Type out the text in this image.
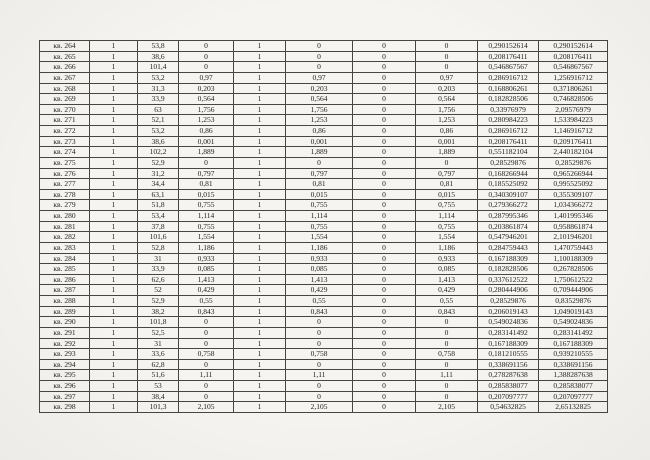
кв. 264	1	53,8	0	1	0	0	0	0,290152614	0,290152614
кв. 265	1	38,6	0	1	0	0	0	0,208176411	0,208176411
кв. 266	1	101,4	0	1	0	0	0	0,546867567	0,546867567
кв. 267	1	53,2	0,97	1	0,97	0	0,97	0,286916712	1,256916712
кв. 268	1	31,3	0,203	1	0,203	0	0,203	0,168806261	0,371806261
кв. 269	1	33,9	0,564	1	0,564	0	0,564	0,182828506	0,746828506
кв. 270	1	63	1,756	1	1,756	0	1,756	0,33976979	2,09576979
кв. 271	1	52,1	1,253	1	1,253	0	1,253	0,280984223	1,533984223
кв. 272	1	53,2	0,86	1	0,86	0	0,86	0,286916712	1,146916712
кв. 273	1	38,6	0,001	1	0,001	0	0,001	0,208176411	0,209176411
кв. 274	1	102,2	1,889	1	1,889	0	1,889	0,551182104	2,440182104
кв. 275	1	52,9	0	1	0	0	0	0,28529876	0,28529876
кв. 276	1	31,2	0,797	1	0,797	0	0,797	0,168266944	0,965266944
кв. 277	1	34,4	0,81	1	0,81	0	0,81	0,185525092	0,995525092
кв. 278	1	63,1	0,015	1	0,015	0	0,015	0,340309107	0,355309107
кв. 279	1	51,8	0,755	1	0,755	0	0,755	0,279366272	1,034366272
кв. 280	1	53,4	1,114	1	1,114	0	1,114	0,287995346	1,401995346
кв. 281	1	37,8	0,755	1	0,755	0	0,755	0,203861874	0,958861874
кв. 282	1	101,6	1,554	1	1,554	0	1,554	0,547946201	2,101946201
кв. 283	1	52,8	1,186	1	1,186	0	1,186	0,284759443	1,470759443
кв. 284	1	31	0,933	1	0,933	0	0,933	0,167188309	1,100188309
кв. 285	1	33,9	0,085	1	0,085	0	0,085	0,182828506	0,267828506
кв. 286	1	62,6	1,413	1	1,413	0	1,413	0,337612522	1,750612522
кв. 287	1	52	0,429	1	0,429	0	0,429	0,280444906	0,709444906
кв. 288	1	52,9	0,55	1	0,55	0	0,55	0,28529876	0,83529876
кв. 289	1	38,2	0,843	1	0,843	0	0,843	0,206019143	1,049019143
кв. 290	1	101,8	0	1	0	0	0	0,549024836	0,549024836
кв. 291	1	52,5	0	1	0	0	0	0,283141492	0,283141492
кв. 292	1	31	0	1	0	0	0	0,167188309	0,167188309
кв. 293	1	33,6	0,758	1	0,758	0	0,758	0,181210555	0,939210555
кв. 294	1	62,8	0	1	0	0	0	0,338691156	0,338691156
кв. 295	1	51,6	1,11	1	1,11	0	1,11	0,278287638	1,388287638
кв. 296	1	53	0	1	0	0	0	0,285838077	0,285838077
кв. 297	1	38,4	0	1	0	0	0	0,207097777	0,207097777
кв. 298	1	101,3	2,105	1	2,105	0	2,105	0,54632825	2,65132825
